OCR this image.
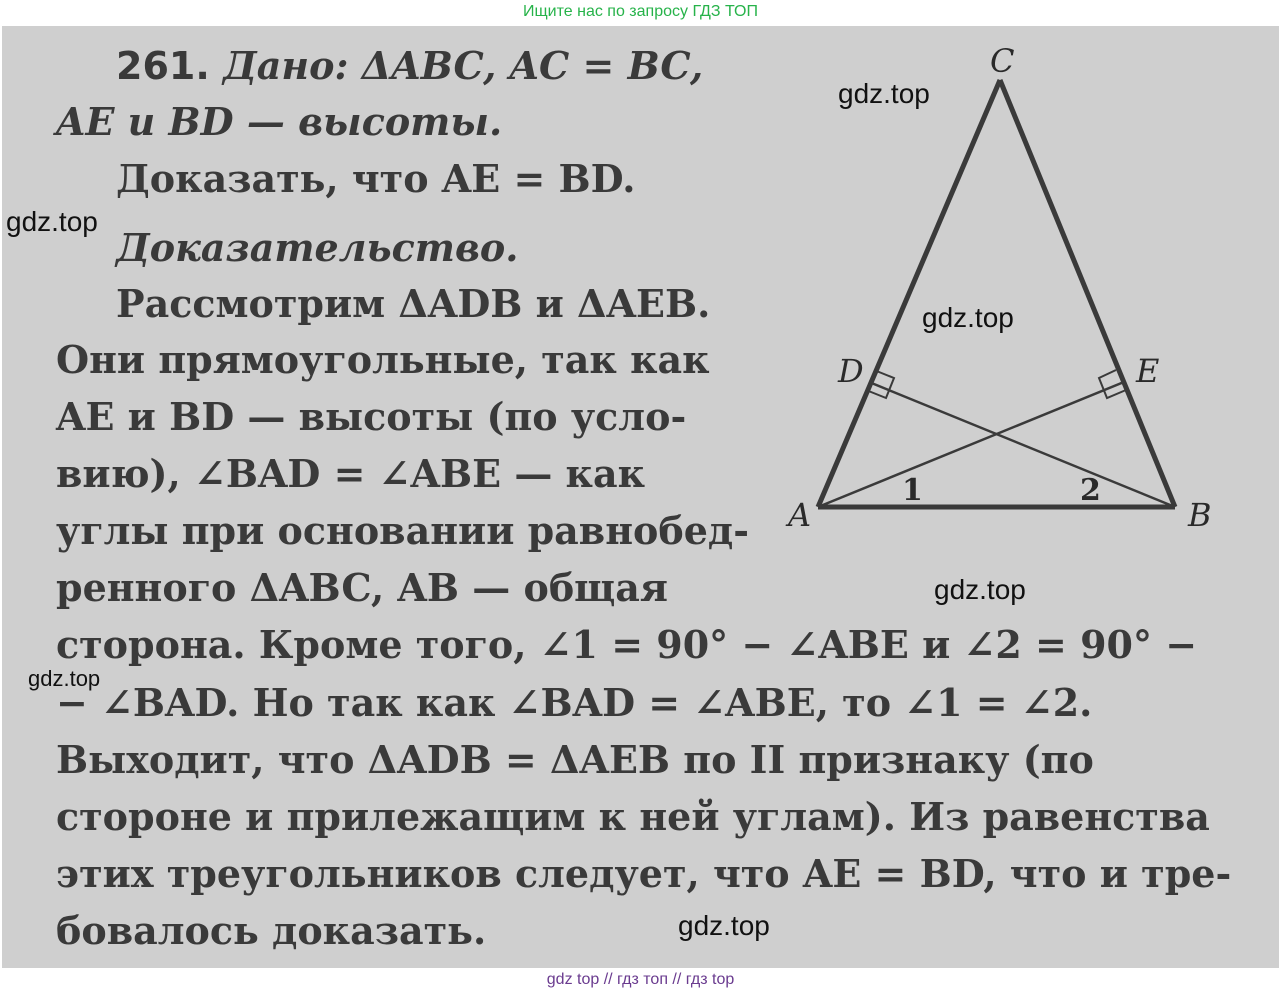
Ищите нас по запросу ГДЗ ТОП
261. Дано: ΔABC, AC = BC,
AE и BD — высоты.
Доказать, что AE = BD.
Доказательство.
Рассмотрим ΔADB и ΔAEB.
Они прямоугольные, так как
AE и BD — высоты (по усло-
вию), ∠BAD = ∠ABE — как
углы при основании равнобед-
ренного ΔABC, AB — общая
сторона. Кроме того, ∠1 = 90° − ∠ABE и ∠2 = 90° −
− ∠BAD. Но так как ∠BAD = ∠ABE, то ∠1 = ∠2.
Выходит, что ΔADB = ΔAEB по II признаку (по
стороне и прилежащим к ней углам). Из равенства
этих треугольников следует, что AE = BD, что и тре-
бовалось доказать.
C
A	B
D	E
1	2
gdz.top
gdz.top
gdz.top
gdz.top
gdz.top
gdz.top
gdz top // гдз топ // гдз top
